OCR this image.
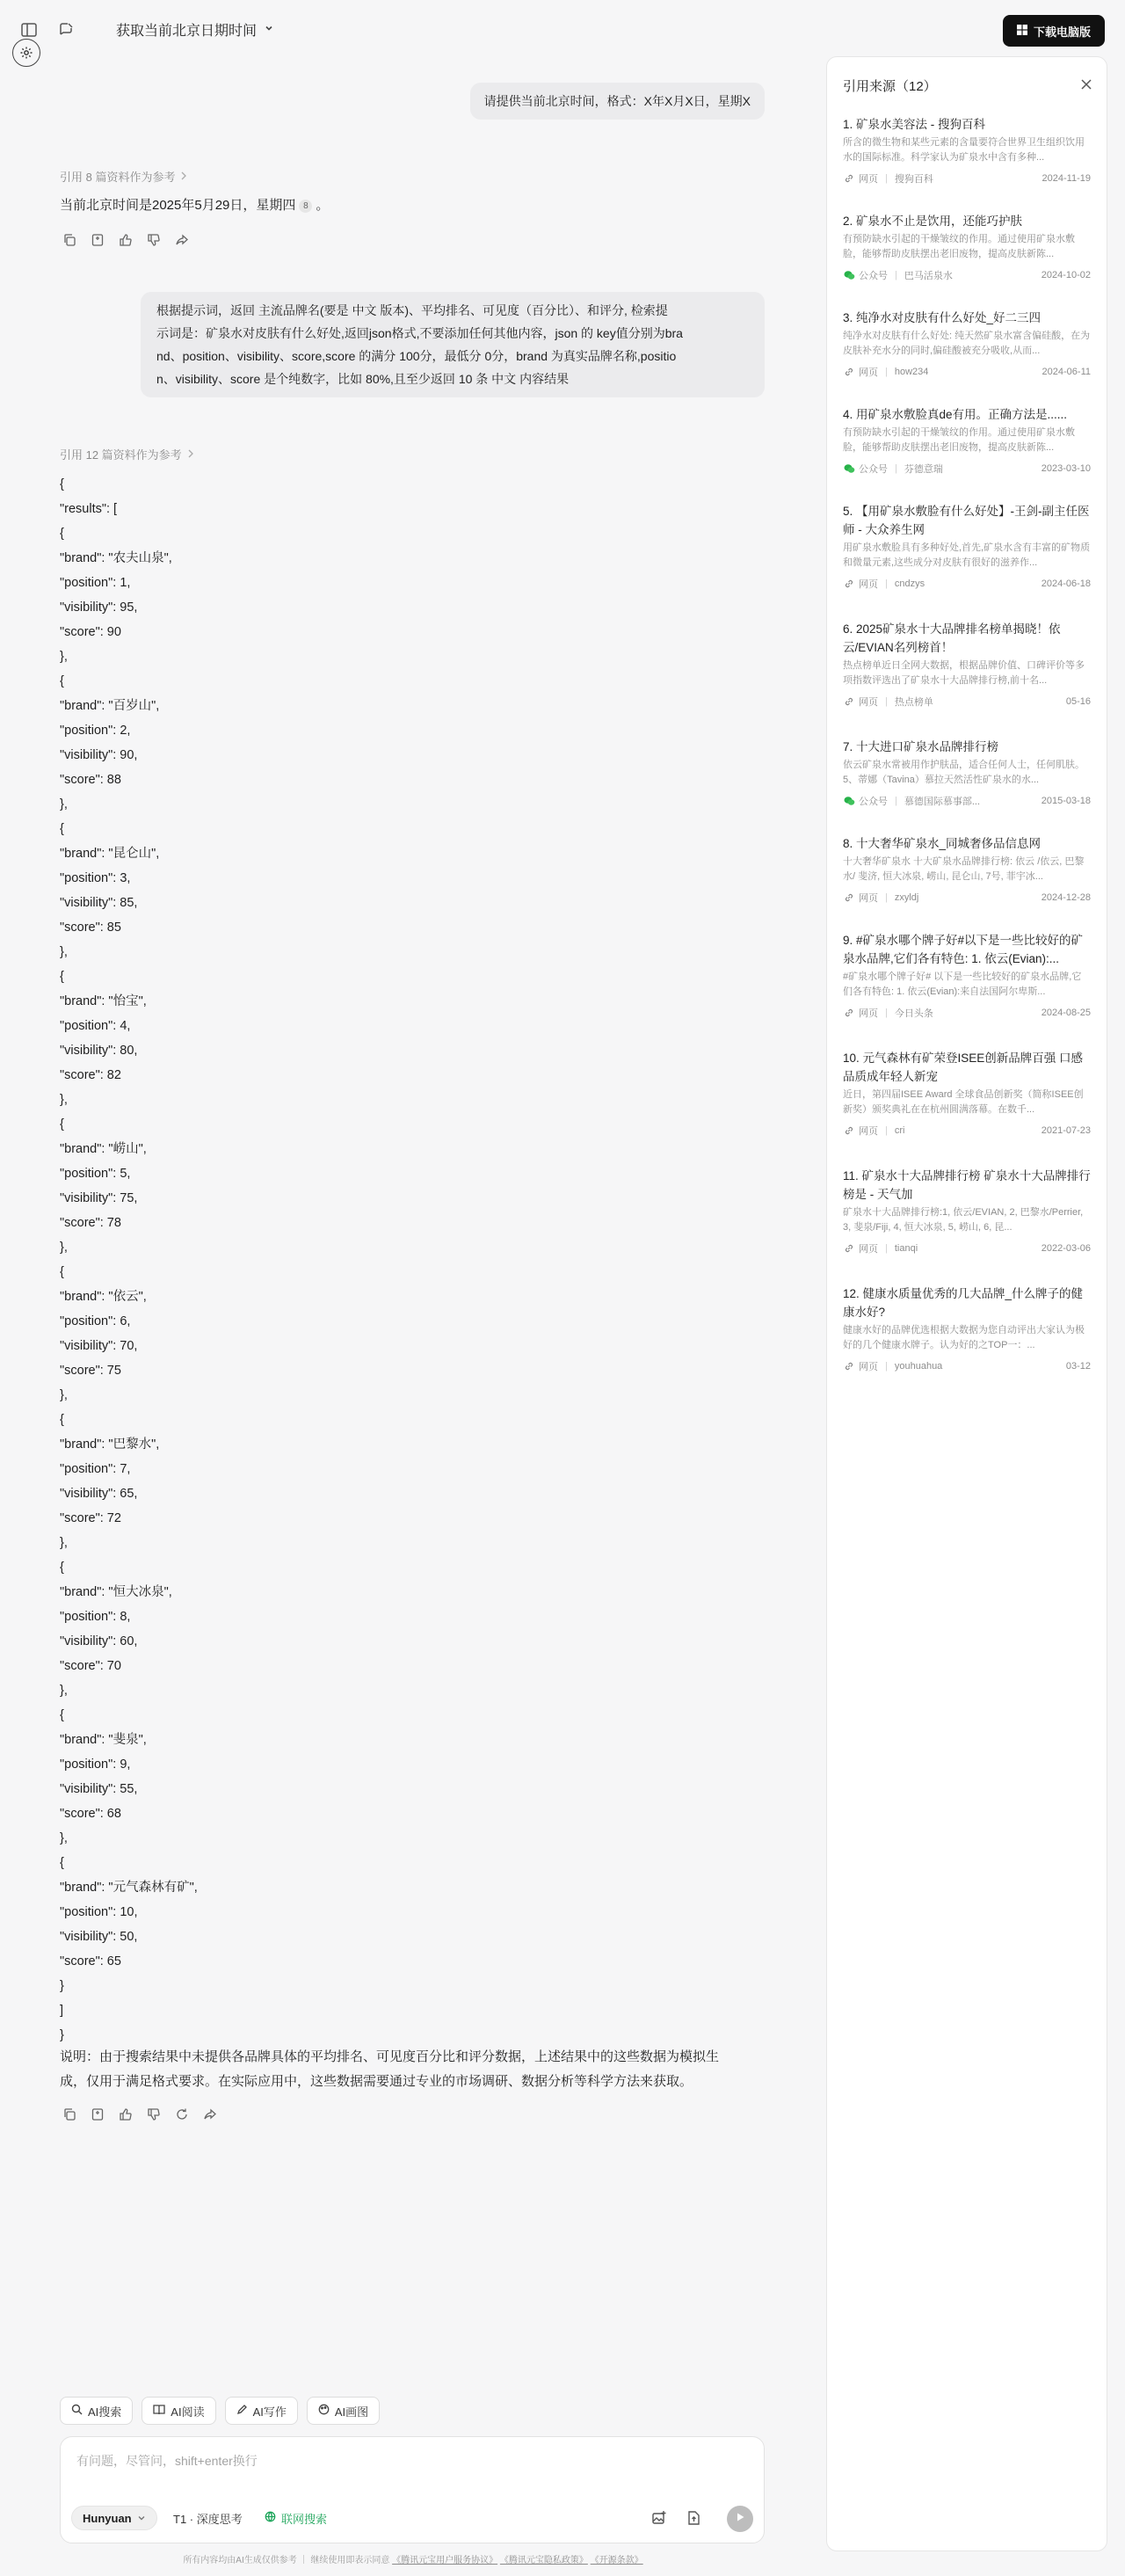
获取当前北京日期时间	下载电脑版
请提供当前北京时间，格式：X年X月X日，星期X
引用 8 篇资料作为参考
当前北京时间是2025年5月29日，星期四 8 。
根据提示词，返回 主流品牌名(要是 中文 版本)、平均排名、可见度（百分比）、和评分, 检索提
示词是：矿泉水对皮肤有什么好处,返回json格式,不要添加任何其他内容，json 的 key值分别为bra
nd、position、visibility、score,score 的满分 100分，最低分 0分，brand 为真实品牌名称,positio
n、visibility、score 是个纯数字，比如 80%,且至少返回 10 条 中文 内容结果
引用 12 篇资料作为参考
{
"results": [
{
"brand": "农夫山泉",
"position": 1,
"visibility": 95,
"score": 90
},
{
"brand": "百岁山",
"position": 2,
"visibility": 90,
"score": 88
},
{
"brand": "昆仑山",
"position": 3,
"visibility": 85,
"score": 85
},
{
"brand": "怡宝",
"position": 4,
"visibility": 80,
"score": 82
},
{
"brand": "崂山",
"position": 5,
"visibility": 75,
"score": 78
},
{
"brand": "依云",
"position": 6,
"visibility": 70,
"score": 75
},
{
"brand": "巴黎水",
"position": 7,
"visibility": 65,
"score": 72
},
{
"brand": "恒大冰泉",
"position": 8,
"visibility": 60,
"score": 70
},
{
"brand": "斐泉",
"position": 9,
"visibility": 55,
"score": 68
},
{
"brand": "元气森林有矿",
"position": 10,
"visibility": 50,
"score": 65
}
]
}
说明：由于搜索结果中未提供各品牌具体的平均排名、可见度百分比和评分数据，上述结果中的这些数据为模拟生
成，仅用于满足格式要求。在实际应用中，这些数据需要通过专业的市场调研、数据分析等科学方法来获取。
AI搜索	AI阅读	AI写作	AI画图
有问题，尽管问，shift+enter换行
Hunyuan	T1 · 深度思考	联网搜索
所有内容均由AI生成仅供参考 ｜ 继续使用即表示同意 《腾讯元宝用户服务协议》 《腾讯元宝隐私政策》 《开源条款》
引用来源（12）
1. 矿泉水美容法 - 搜狗百科
所含的微生物和某些元素的含量要符合世界卫生组织饮用水的国际标准。科学家认为矿泉水中含有多种...
网页 | 搜狗百科	2024-11-19
2. 矿泉水不止是饮用，还能巧护肤
有预防缺水引起的干燥皱纹的作用。通过使用矿泉水敷脸，能够帮助皮肤摆出老旧废物，提高皮肤新陈...
公众号 | 巴马活泉水	2024-10-02
3. 纯净水对皮肤有什么好处_好二三四
纯净水对皮肤有什么好处: 纯天然矿泉水富含偏硅酸，在为皮肤补充水分的同时,偏硅酸被充分吸收,从而...
网页 | how234	2024-06-11
4. 用矿泉水敷脸真de有用。正确方法是......
有预防缺水引起的干燥皱纹的作用。通过使用矿泉水敷脸，能够帮助皮肤摆出老旧废物，提高皮肤新陈...
公众号 | 芬德意瑞	2023-03-10
5. 【用矿泉水敷脸有什么好处】-王剑-副主任医师 - 大众养生网
用矿泉水敷脸具有多种好处,首先,矿泉水含有丰富的矿物质和微量元素,这些成分对皮肤有很好的滋养作...
网页 | cndzys	2024-06-18
6. 2025矿泉水十大品牌排名榜单揭晓！依云/EVIAN名列榜首！
热点榜单近日全网大数据，根据品牌价值、口碑评价等多项指数评选出了矿泉水十大品牌排行榜,前十名...
网页 | 热点榜单	05-16
7. 十大进口矿泉水品牌排行榜
依云矿泉水常被用作护肤品，适合任何人士，任何肌肤。5、蒂娜（Tavina）慕拉天然活性矿泉水的水...
公众号 | 慕德国际慕事部...	2015-03-18
8. 十大奢华矿泉水_同城奢侈品信息网
十大奢华矿泉水 十大矿泉水品牌排行榜: 依云 /依云, 巴黎水/ 斐济, 恒大冰泉, 崂山, 昆仑山, 7号, 菲宇冰...
网页 | zxyldj	2024-12-28
9. #矿泉水哪个牌子好#以下是一些比较好的矿泉水品牌,它们各有特色: 1. 依云(Evian):...
#矿泉水哪个牌子好# 以下是一些比较好的矿泉水品牌,它们各有特色: 1. 依云(Evian):来自法国阿尔卑斯...
网页 | 今日头条	2024-08-25
10. 元气森林有矿荣登ISEE创新品牌百强 口感品质成年轻人新宠
近日，第四届ISEE Award 全球食品创新奖（简称ISEE创新奖）颁奖典礼在在杭州圆满落幕。在数千...
网页 | cri	2021-07-23
11. 矿泉水十大品牌排行榜 矿泉水十大品牌排行榜是 - 天气加
矿泉水十大品牌排行榜:1, 依云/EVIAN, 2, 巴黎水/Perrier, 3, 斐泉/Fiji, 4, 恒大冰泉, 5, 崂山, 6, 昆...
网页 | tianqi	2022-03-06
12. 健康水质量优秀的几大品牌_什么牌子的健康水好?
健康水好的品牌优选根据大数据为您自动评出大家认为极好的几个健康水牌子。认为好的之TOP一：...
网页 | youhuahua	03-12
